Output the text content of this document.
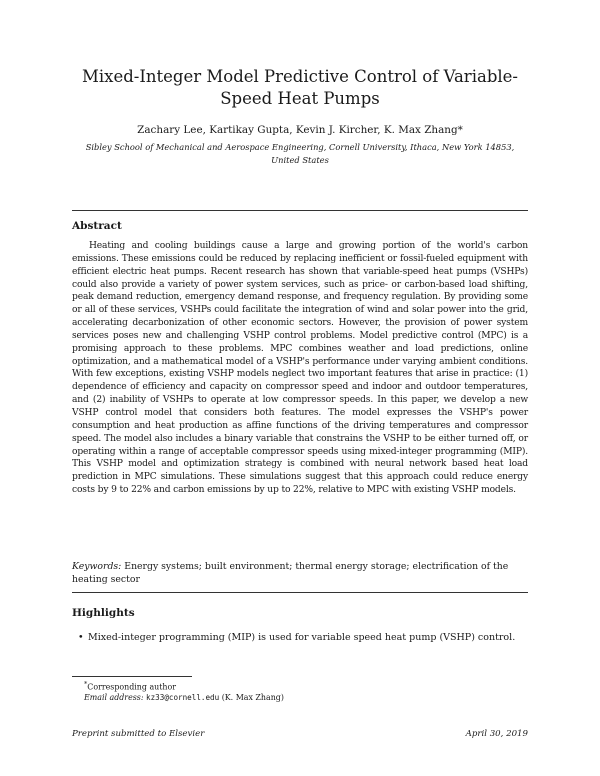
Mixed-Integer Model Predictive Control of Variable-Speed Heat Pumps
Zachary Lee, Kartikay Gupta, Kevin J. Kircher, K. Max Zhang*
Sibley School of Mechanical and Aerospace Engineering, Cornell University, Ithaca, New York 14853, United States
Abstract

Heating and cooling buildings cause a large and growing portion of the world's carbon emissions. These emissions could be reduced by replacing inefficient or fossil-fueled equipment with efficient electric heat pumps. Recent research has shown that variable-speed heat pumps (VSHPs) could also provide a variety of power system services, such as price- or carbon-based load shifting, peak demand reduction, emergency demand response, and frequency regulation. By providing some or all of these services, VSHPs could facilitate the integration of wind and solar power into the grid, accelerating decarbonization of other economic sectors. However, the provision of power system services poses new and challenging VSHP control problems. Model predictive control (MPC) is a promising approach to these problems. MPC combines weather and load predictions, online optimization, and a mathematical model of a VSHP's performance under varying ambient conditions. With few exceptions, existing VSHP models neglect two important features that arise in practice: (1) dependence of efficiency and capacity on compressor speed and indoor and outdoor temperatures, and (2) inability of VSHPs to operate at low compressor speeds. In this paper, we develop a new VSHP control model that considers both features. The model expresses the VSHP's power consumption and heat production as affine functions of the driving temperatures and compressor speed. The model also includes a binary variable that constrains the VSHP to be either turned off, or operating within a range of acceptable compressor speeds using mixed-integer programming (MIP). This VSHP model and optimization strategy is combined with neural network based heat load prediction in MPC simulations. These simulations suggest that this approach could reduce energy costs by 9 to 22% and carbon emissions by up to 22%, relative to MPC with existing VSHP models.

Keywords: Energy systems; built environment; thermal energy storage; electrification of the heating sector
Highlights
• Mixed-integer programming (MIP) is used for variable speed heat pump (VSHP) control.
*Corresponding author
Email address: kz33@cornell.edu (K. Max Zhang)
Preprint submitted to Elsevier	April 30, 2019
